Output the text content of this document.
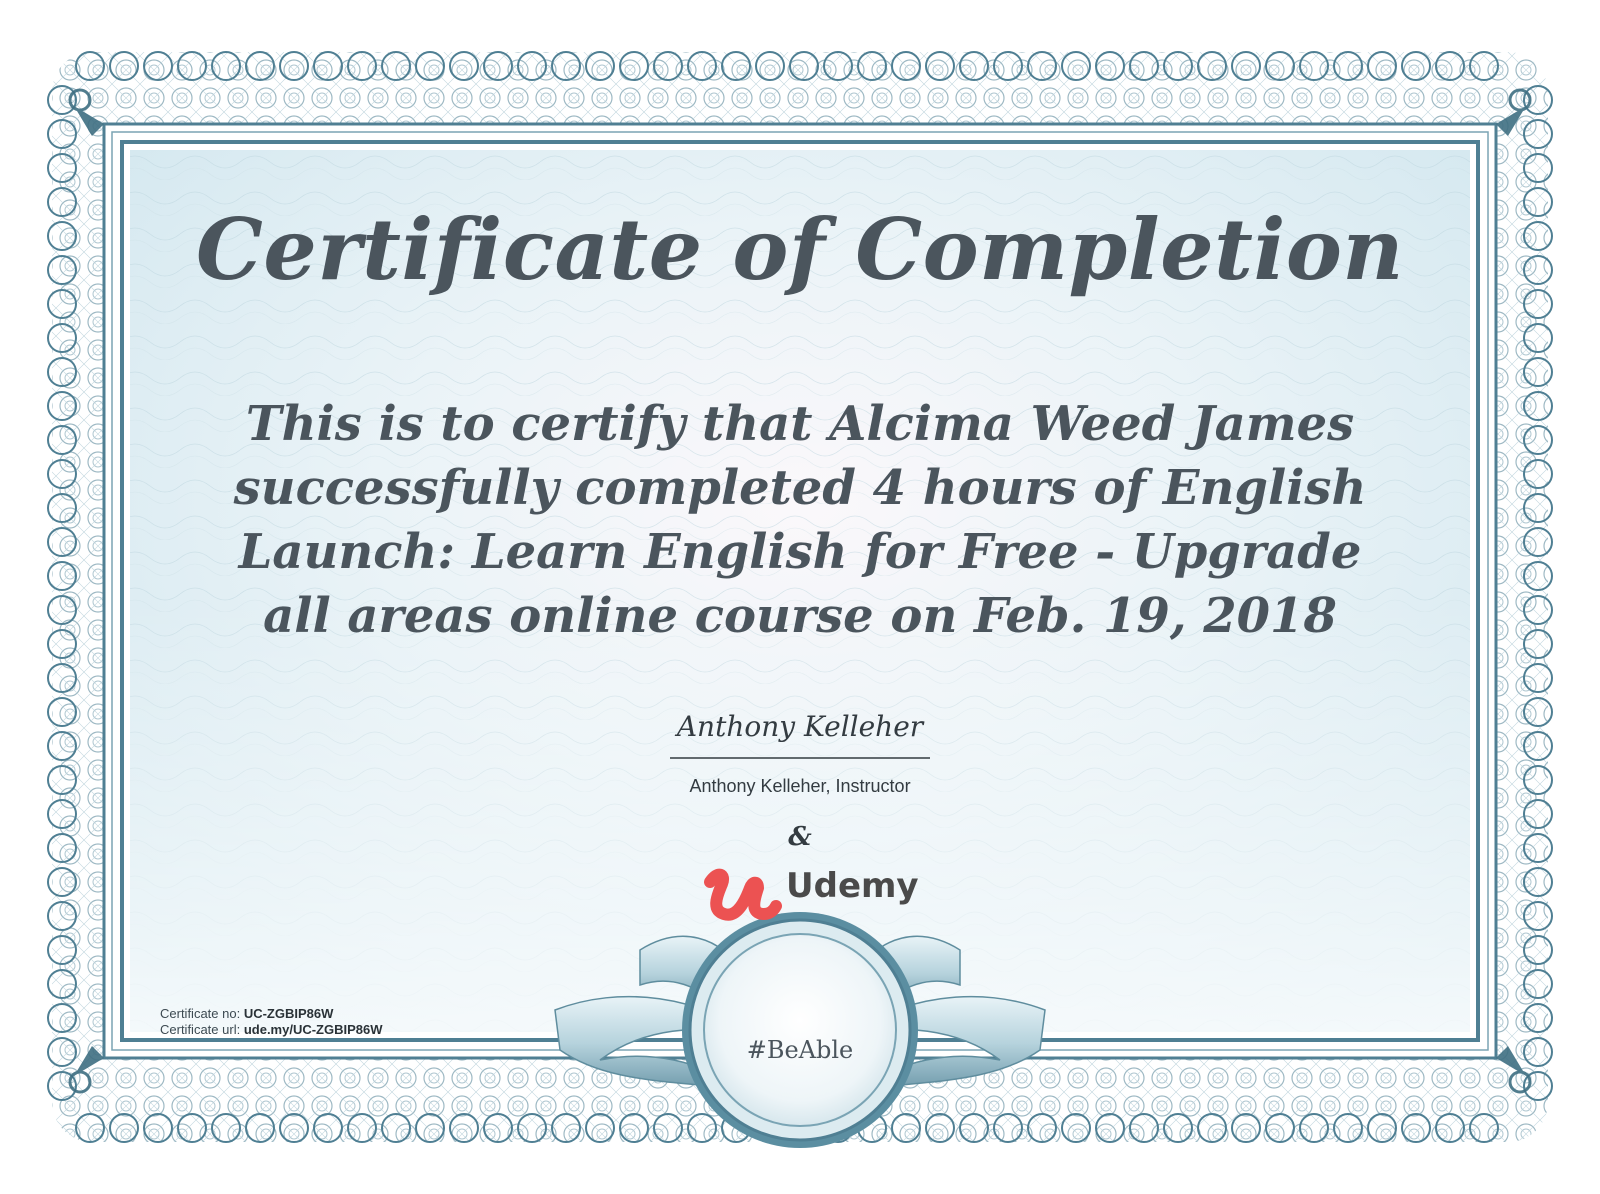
Certificate of Completion
This is to certify that Alcima Weed James successfully completed 4 hours of English Launch: Learn English for Free - Upgrade all areas online course on Feb. 19, 2018
Anthony Kelleher
Anthony Kelleher, Instructor
&
Udemy
Certificate no: UC-ZGBIP86W
Certificate url: ude.my/UC-ZGBIP86W
#BeAble
